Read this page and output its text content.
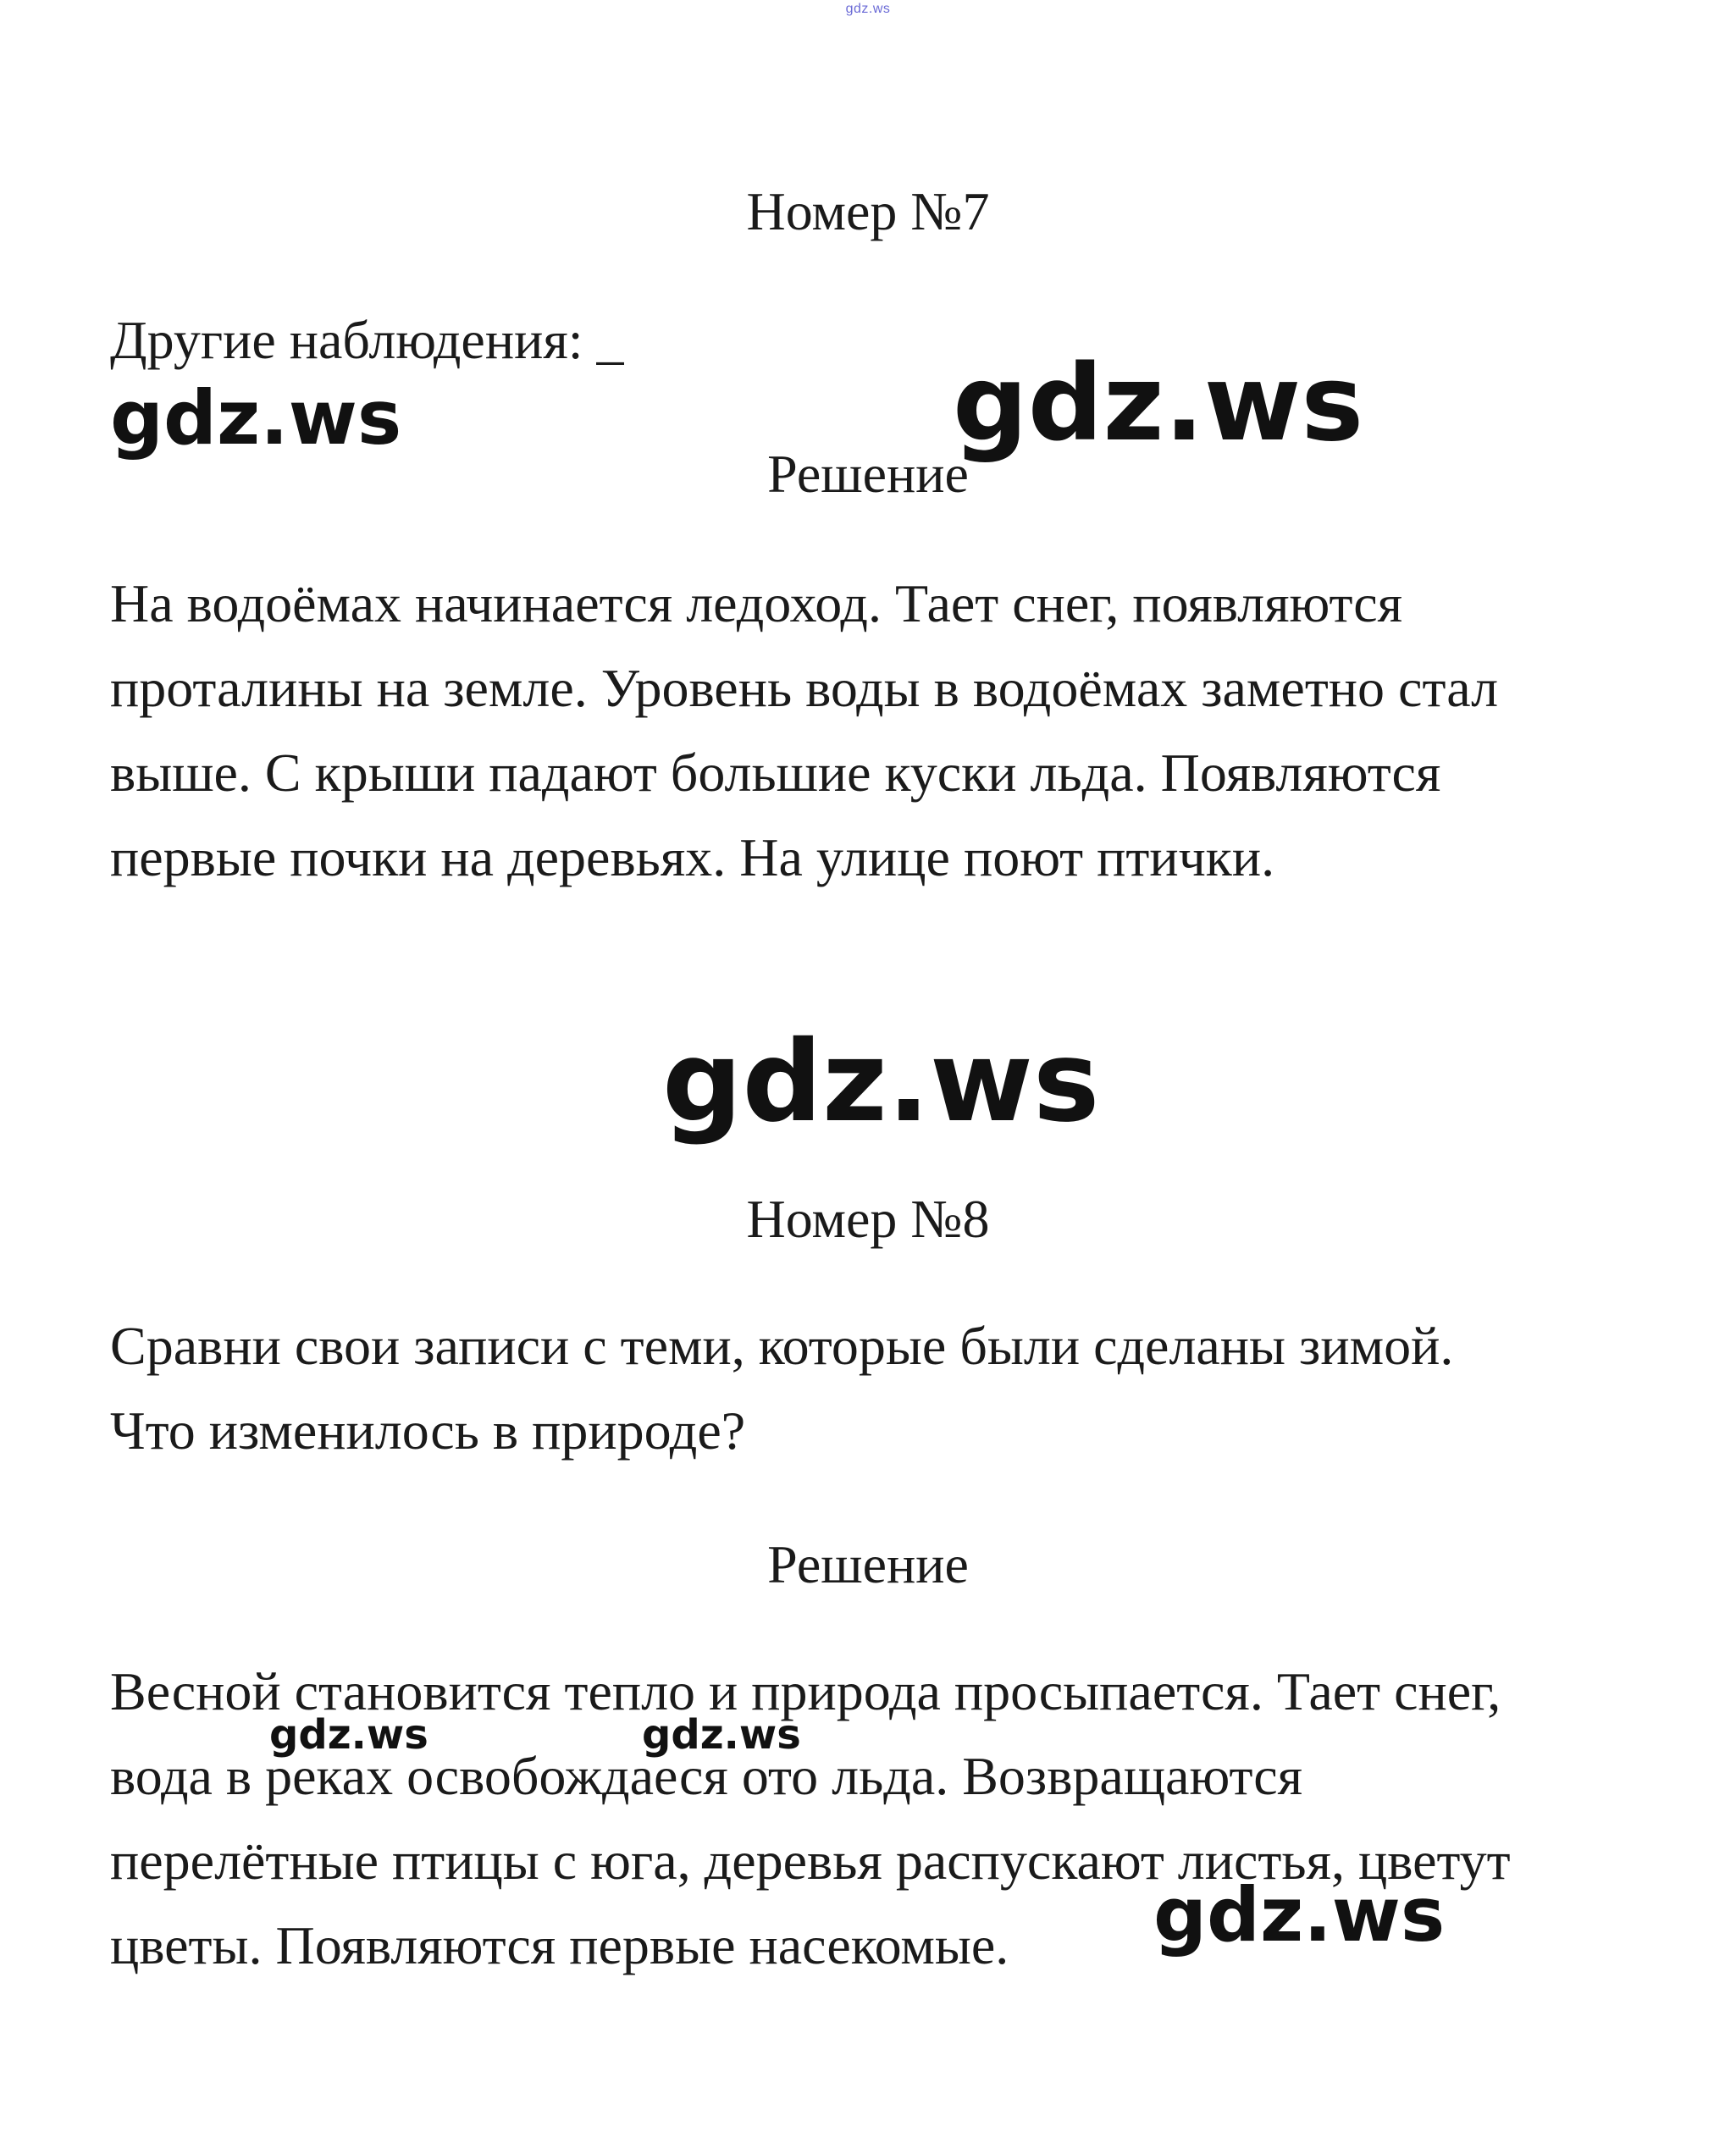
gdz.ws
Номер №7

Другие наблюдения: _

Решение

На водоёмах начинается ледоход. Тает снег, появляются

проталины на земле. Уровень воды в водоёмах заметно стал

выше. С крыши падают большие куски льда. Появляются

первые почки на деревьях. На улице поют птички.

Номер №8

Сравни свои записи с теми, которые были сделаны зимой.

Что изменилось в природе?

Решение

Весной становится тепло и природа просыпается. Тает снег,

вода в реках освобождаеся ото льда. Возвращаются

перелётные птицы с юга, деревья распускают листья, цветут

цветы. Появляются первые насекомые.

gdz.ws	gdz.ws
gdz.ws
gdz.ws	gdz.ws
gdz.ws
